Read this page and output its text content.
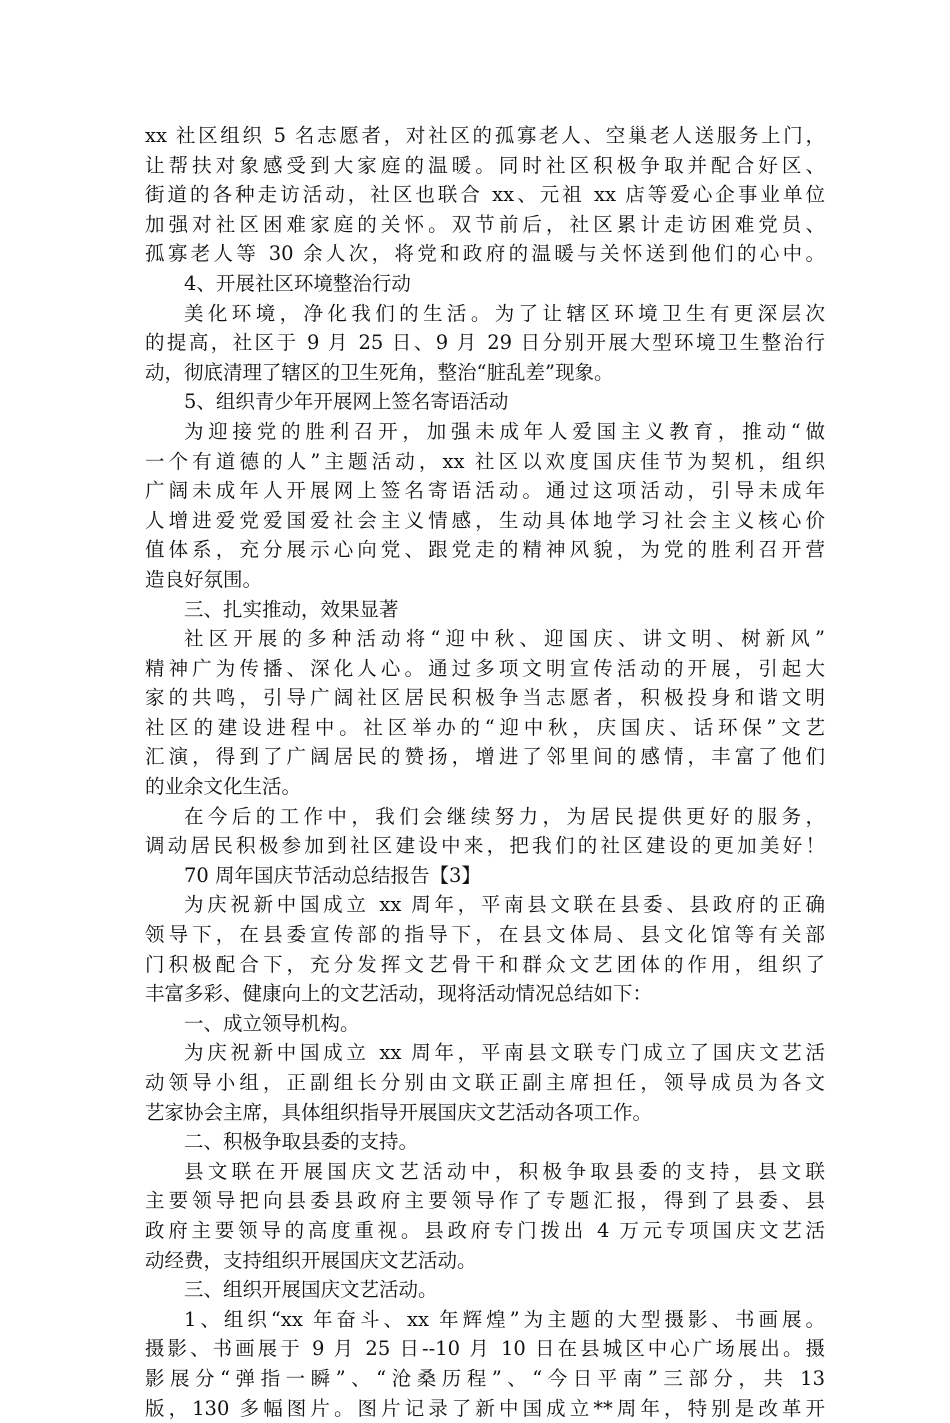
xx 社区组织 5 名志愿者，对社区的孤寡老人、空巢老人送服务上门，
让帮扶对象感受到大家庭的温暖。同时社区积极争取并配合好区、
街道的各种走访活动，社区也联合 xx、元祖 xx 店等爱心企事业单位
加强对社区困难家庭的关怀。双节前后，社区累计走访困难党员、
孤寡老人等 30 余人次，将党和政府的温暖与关怀送到他们的心中。
4、开展社区环境整治行动
美化环境，净化我们的生活。为了让辖区环境卫生有更深层次
的提高，社区于 9 月 25 日、9 月 29 日分别开展大型环境卫生整治行
动，彻底清理了辖区的卫生死角，整治“脏乱差”现象。
5、组织青少年开展网上签名寄语活动
为迎接党的胜利召开，加强未成年人爱国主义教育，推动“做
一个有道德的人”主题活动，xx 社区以欢度国庆佳节为契机，组织
广阔未成年人开展网上签名寄语活动。通过这项活动，引导未成年
人增进爱党爱国爱社会主义情感，生动具体地学习社会主义核心价
值体系，充分展示心向党、跟党走的精神风貌，为党的胜利召开营
造良好氛围。
三、扎实推动，效果显著
社区开展的多种活动将“迎中秋、迎国庆、讲文明、树新风”
精神广为传播、深化人心。通过多项文明宣传活动的开展，引起大
家的共鸣，引导广阔社区居民积极争当志愿者，积极投身和谐文明
社区的建设进程中。社区举办的“迎中秋，庆国庆、话环保”文艺
汇演，得到了广阔居民的赞扬，增进了邻里间的感情，丰富了他们
的业余文化生活。
在今后的工作中，我们会继续努力，为居民提供更好的服务，
调动居民积极参加到社区建设中来，把我们的社区建设的更加美好！
70 周年国庆节活动总结报告【3】
为庆祝新中国成立 xx 周年，平南县文联在县委、县政府的正确
领导下，在县委宣传部的指导下，在县文体局、县文化馆等有关部
门积极配合下，充分发挥文艺骨干和群众文艺团体的作用，组织了
丰富多彩、健康向上的文艺活动，现将活动情况总结如下：
一、成立领导机构。
为庆祝新中国成立 xx 周年，平南县文联专门成立了国庆文艺活
动领导小组，正副组长分别由文联正副主席担任，领导成员为各文
艺家协会主席，具体组织指导开展国庆文艺活动各项工作。
二、积极争取县委的支持。
县文联在开展国庆文艺活动中，积极争取县委的支持，县文联
主要领导把向县委县政府主要领导作了专题汇报，得到了县委、县
政府主要领导的高度重视。县政府专门拨出 4 万元专项国庆文艺活
动经费，支持组织开展国庆文艺活动。
三、组织开展国庆文艺活动。
1、组织“xx 年奋斗、xx 年辉煌”为主题的大型摄影、书画展。
摄影、书画展于 9 月 25 日--10 月 10 日在县城区中心广场展出。摄
影展分“弹指一瞬”、“沧桑历程”、“今日平南”三部分，共 13
版，130 多幅图片。图片记录了新中国成立**周年，特别是改革开
